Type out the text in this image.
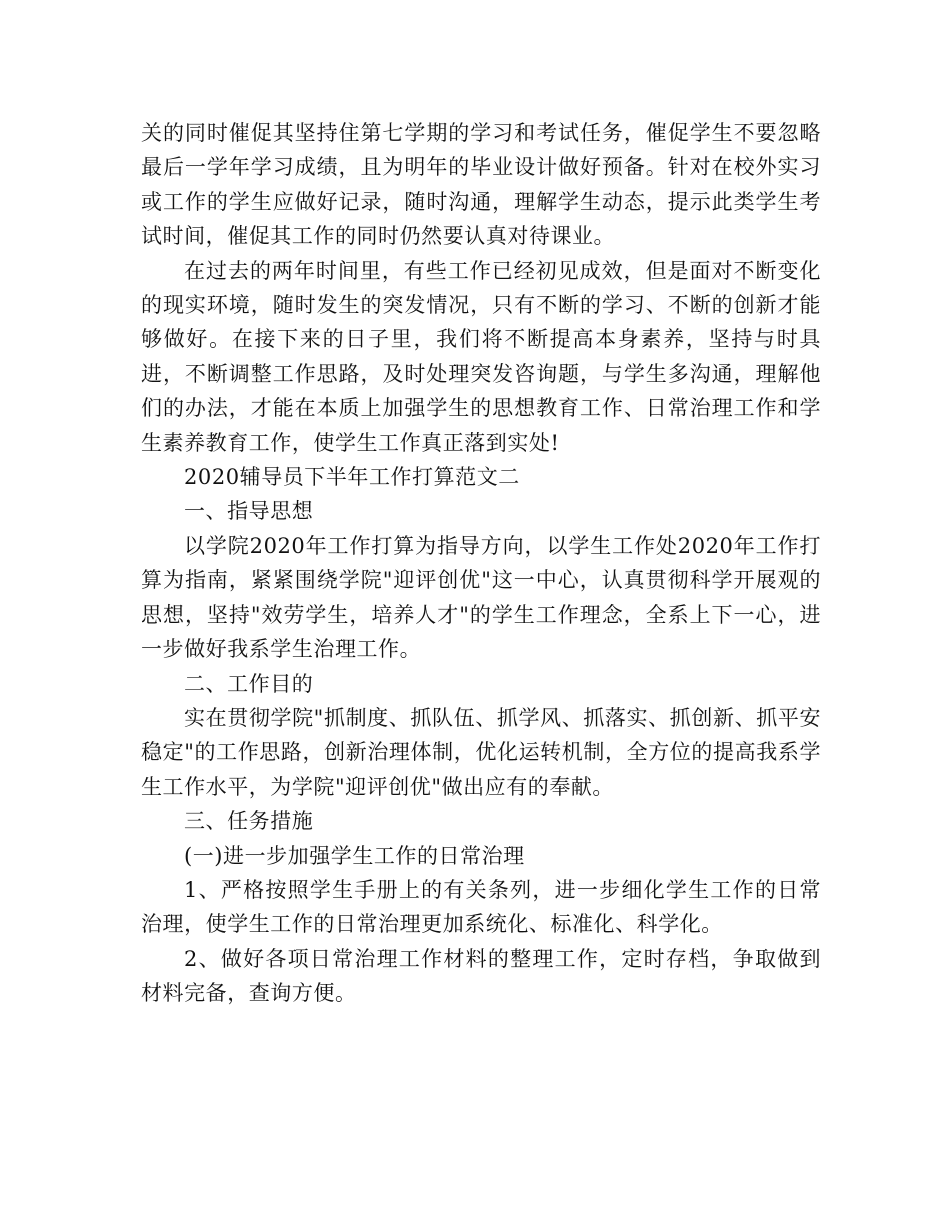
关的同时催促其坚持住第七学期的学习和考试任务，催促学生不要忽略最后一学年学习成绩，且为明年的毕业设计做好预备。针对在校外实习或工作的学生应做好记录，随时沟通，理解学生动态，提示此类学生考试时间，催促其工作的同时仍然要认真对待课业。

在过去的两年时间里，有些工作已经初见成效，但是面对不断变化的现实环境，随时发生的突发情况，只有不断的学习、不断的创新才能够做好。在接下来的日子里，我们将不断提高本身素养，坚持与时具进，不断调整工作思路，及时处理突发咨询题，与学生多沟通，理解他们的办法，才能在本质上加强学生的思想教育工作、日常治理工作和学生素养教育工作，使学生工作真正落到实处!

2020辅导员下半年工作打算范文二

一、指导思想

以学院2020年工作打算为指导方向，以学生工作处2020年工作打算为指南，紧紧围绕学院"迎评创优"这一中心，认真贯彻科学开展观的思想，坚持"效劳学生，培养人才"的学生工作理念，全系上下一心，进一步做好我系学生治理工作。

二、工作目的

实在贯彻学院"抓制度、抓队伍、抓学风、抓落实、抓创新、抓平安稳定"的工作思路，创新治理体制，优化运转机制，全方位的提高我系学生工作水平，为学院"迎评创优"做出应有的奉献。

三、任务措施

(一)进一步加强学生工作的日常治理

1、严格按照学生手册上的有关条列，进一步细化学生工作的日常治理，使学生工作的日常治理更加系统化、标准化、科学化。

2、做好各项日常治理工作材料的整理工作，定时存档，争取做到材料完备，查询方便。
